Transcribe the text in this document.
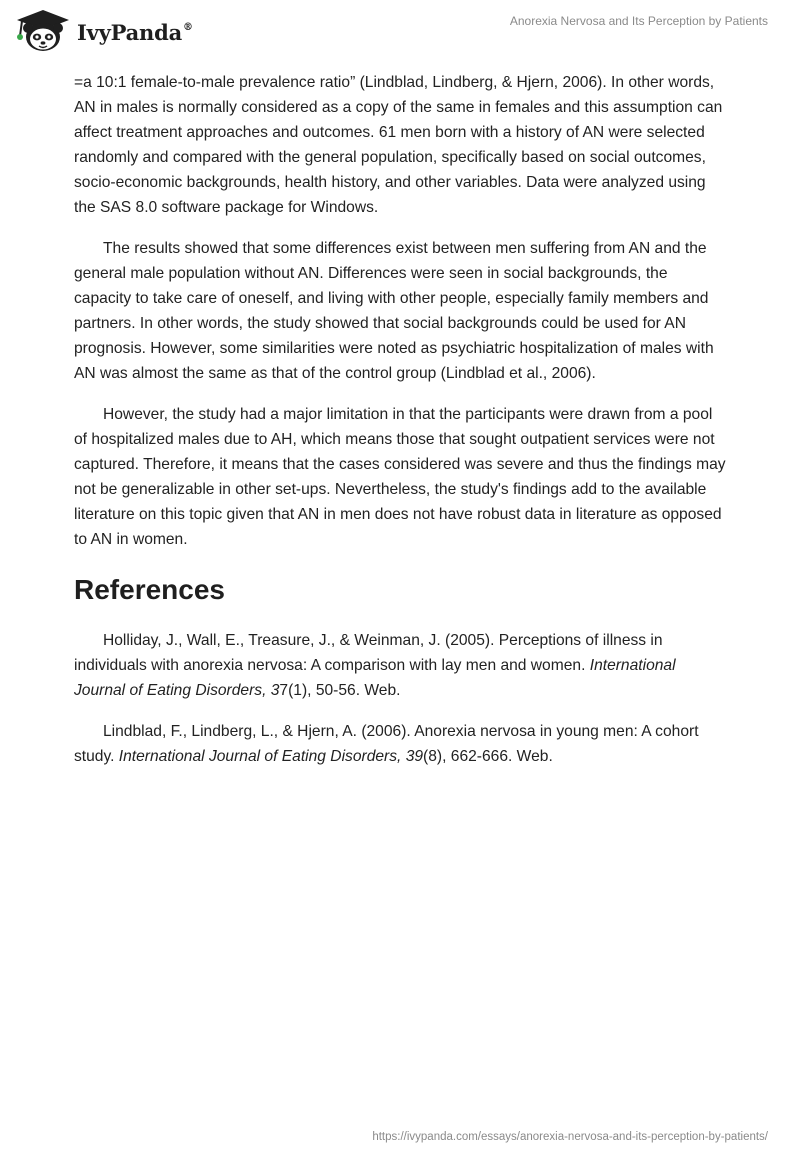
IvyPanda®	Anorexia Nervosa and Its Perception by Patients

=a 10:1 female-to-male prevalence ratio” (Lindblad, Lindberg, & Hjern, 2006). In other words, AN in males is normally considered as a copy of the same in females and this assumption can affect treatment approaches and outcomes. 61 men born with a history of AN were selected randomly and compared with the general population, specifically based on social outcomes, socio-economic backgrounds, health history, and other variables. Data were analyzed using the SAS 8.0 software package for Windows.

The results showed that some differences exist between men suffering from AN and the general male population without AN. Differences were seen in social backgrounds, the capacity to take care of oneself, and living with other people, especially family members and partners. In other words, the study showed that social backgrounds could be used for AN prognosis. However, some similarities were noted as psychiatric hospitalization of males with AN was almost the same as that of the control group (Lindblad et al., 2006).

However, the study had a major limitation in that the participants were drawn from a pool of hospitalized males due to AH, which means those that sought outpatient services were not captured. Therefore, it means that the cases considered was severe and thus the findings may not be generalizable in other set-ups. Nevertheless, the study's findings add to the available literature on this topic given that AN in men does not have robust data in literature as opposed to AN in women.

References

Holliday, J., Wall, E., Treasure, J., & Weinman, J. (2005). Perceptions of illness in individuals with anorexia nervosa: A comparison with lay men and women. International Journal of Eating Disorders, 37(1), 50-56. Web.

Lindblad, F., Lindberg, L., & Hjern, A. (2006). Anorexia nervosa in young men: A cohort study. International Journal of Eating Disorders, 39(8), 662-666. Web.

https://ivypanda.com/essays/anorexia-nervosa-and-its-perception-by-patients/
